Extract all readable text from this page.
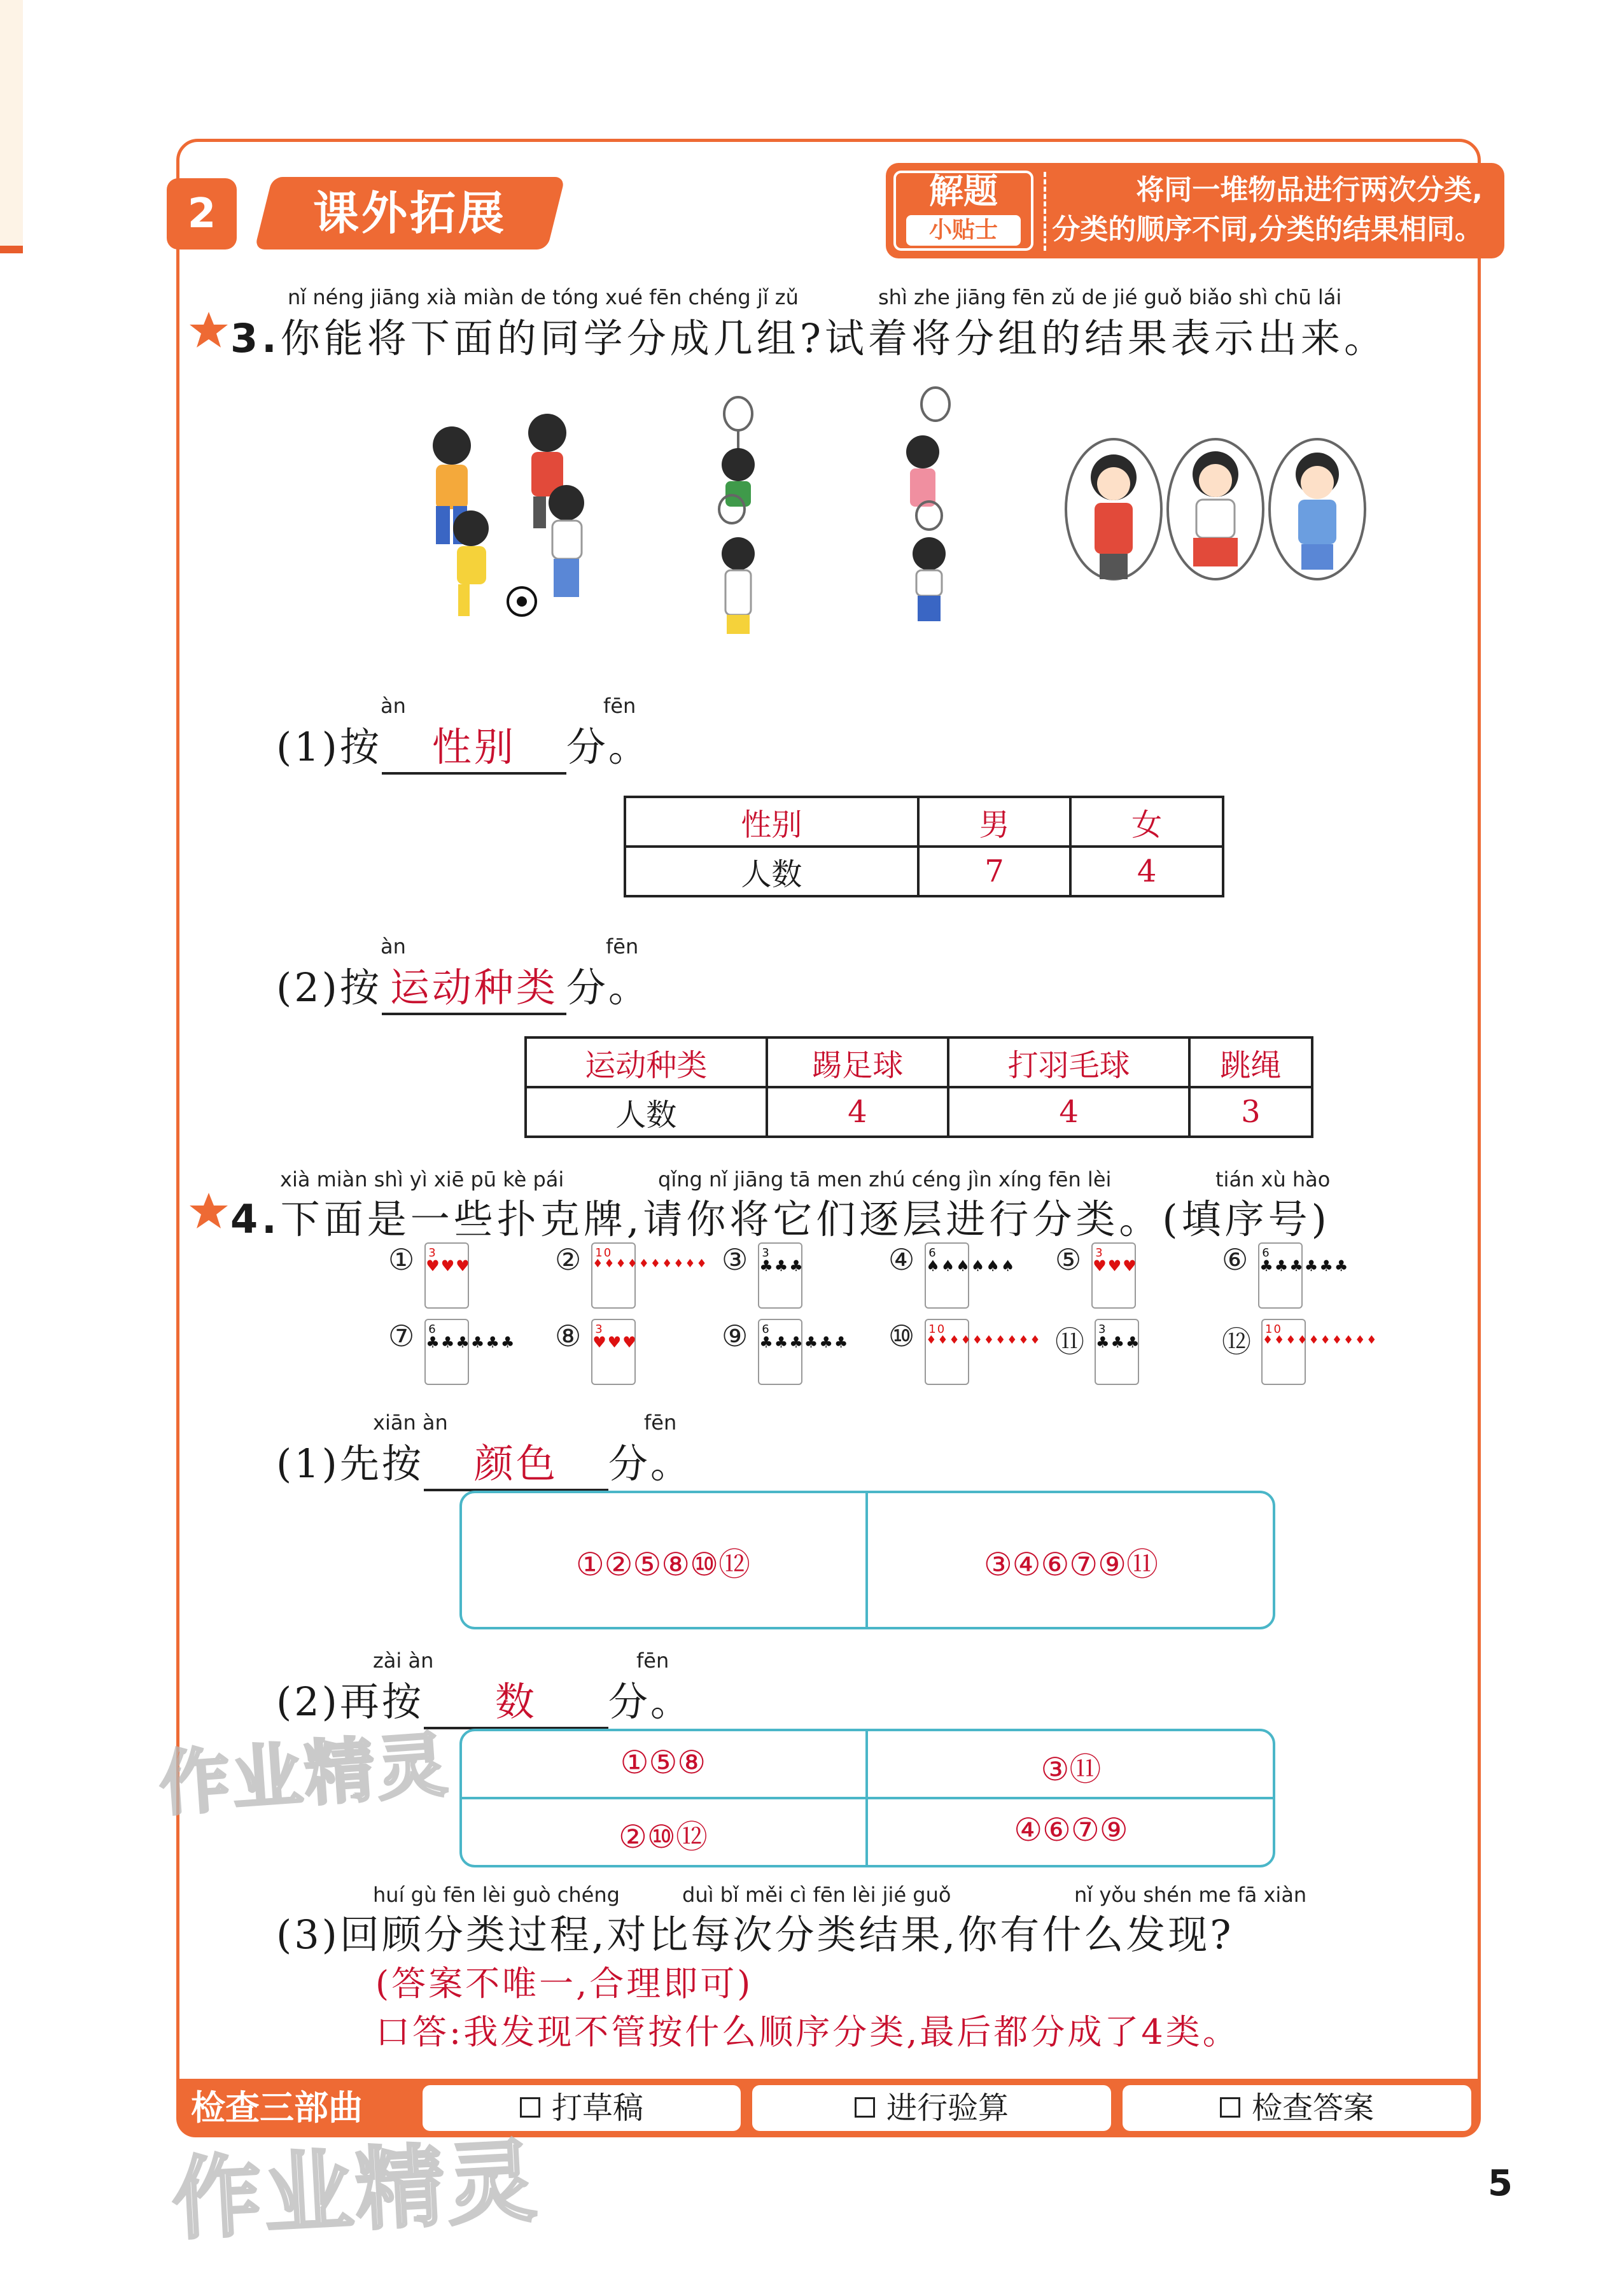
2	课外拓展	解题
小贴士
将同一堆物品进行两次分类,
分类的顺序不同,分类的结果相同。
nǐ néng jiāng xià miàn de tóng xué fēn chéng jǐ zǔ	shì zhe jiāng fēn zǔ de jié guǒ biǎo shì chū lái
3.你能将下面的同学分成几组?试着将分组的结果表示出来。
àn	fēn
(1)按 性别 分。
性别	男	女
人数	7	4
àn	fēn
(2)按 运动种类 分。
运动种类	踢足球	打羽毛球	跳绳
人数	4	4	3
xià miàn shì yì xiē pū kè pái	qǐng nǐ jiāng tā men zhú céng jìn xíng fēn lèi	tián xù hào
4.下面是一些扑克牌,请你将它们逐层进行分类。(填序号)
① 3
♥♥♥	② 10
♦♦♦♦♦♦♦♦♦♦ ③ 3
♣♣♣	④ 6
♠♠♠♠♠♠ ⑤ 3
♥♥♥	⑥ 6
♣♣♣♣♣♣
⑦ 6
♣♣♣♣♣♣ ⑧ 3
♥♥♥	⑨ 6
♣♣♣♣♣♣ ⑩ 10
♦♦♦♦♦♦♦♦♦♦ ⑪ 3
♣♣♣	⑫ 10
♦♦♦♦♦♦♦♦♦♦
xiān àn	fēn
(1)先按 颜色 分。
①②⑤⑧⑩⑫	③④⑥⑦⑨⑪
zài àn	fēn
(2)再按 数 分。
①⑤⑧	③⑪
②⑩⑫	④⑥⑦⑨
huí gù fēn lèi guò chéng	duì bǐ měi cì fēn lèi jié guǒ	nǐ yǒu shén me fā xiàn
(3)回顾分类过程,对比每次分类结果,你有什么发现?
(答案不唯一,合理即可)
口答:我发现不管按什么顺序分类,最后都分成了4类。
检查三部曲	打草稿	进行验算	检查答案
5
作业精灵
作业精灵
